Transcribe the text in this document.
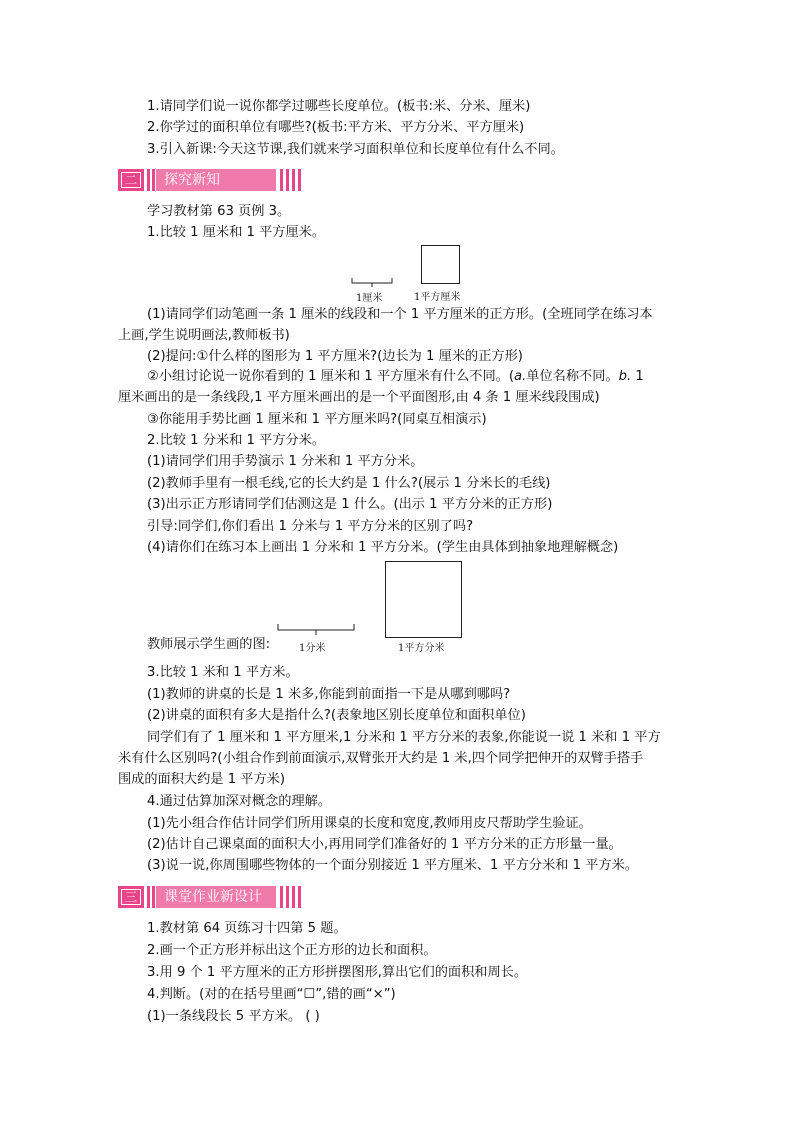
1.请同学们说一说你都学过哪些长度单位。(板书:米、分米、厘米)
2.你学过的面积单位有哪些?(板书:平方米、平方分米、平方厘米)
3.引入新课:今天这节课,我们就来学习面积单位和长度单位有什么不同。
二	探究新知
学习教材第 63 页例 3。
1.比较 1 厘米和 1 平方厘米。
1厘米	1平方厘米
(1)请同学们动笔画一条 1 厘米的线段和一个 1 平方厘米的正方形。(全班同学在练习本
上画,学生说明画法,教师板书)
(2)提问:①什么样的图形为 1 平方厘米?(边长为 1 厘米的正方形)
②小组讨论说一说你看到的 1 厘米和 1 平方厘米有什么不同。(a.单位名称不同。b. 1
厘米画出的是一条线段,1 平方厘米画出的是一个平面图形,由 4 条 1 厘米线段围成)
③你能用手势比画 1 厘米和 1 平方厘米吗?(同桌互相演示)
2.比较 1 分米和 1 平方分米。
(1)请同学们用手势演示 1 分米和 1 平方分米。
(2)教师手里有一根毛线,它的长大约是 1 什么?(展示 1 分米长的毛线)
(3)出示正方形请同学们估测这是 1 什么。(出示 1 平方分米的正方形)
引导:同学们,你们看出 1 分米与 1 平方分米的区别了吗?
(4)请你们在练习本上画出 1 分米和 1 平方分米。(学生由具体到抽象地理解概念)
教师展示学生画的图:	1分米	1平方分米
3.比较 1 米和 1 平方米。
(1)教师的讲桌的长是 1 米多,你能到前面指一下是从哪到哪吗?
(2)讲桌的面积有多大是指什么?(表象地区别长度单位和面积单位)
同学们有了 1 厘米和 1 平方厘米,1 分米和 1 平方分米的表象,你能说一说 1 米和 1 平方
米有什么区别吗?(小组合作到前面演示,双臂张开大约是 1 米,四个同学把伸开的双臂手搭手
围成的面积大约是 1 平方米)
4.通过估算加深对概念的理解。
(1)先小组合作估计同学们所用课桌的长度和宽度,教师用皮尺帮助学生验证。
(2)估计自己课桌面的面积大小,再用同学们准备好的 1 平方分米的正方形量一量。
(3)说一说,你周围哪些物体的一个面分别接近 1 平方厘米、1 平方分米和 1 平方米。
三	课堂作业新设计
1.教材第 64 页练习十四第 5 题。
2.画一个正方形并标出这个正方形的边长和面积。
3.用 9 个 1 平方厘米的正方形拼摆图形,算出它们的面积和周长。
4.判断。(对的在括号里画“☐”,错的画“×”)
(1)一条线段长 5 平方米。 ( )
